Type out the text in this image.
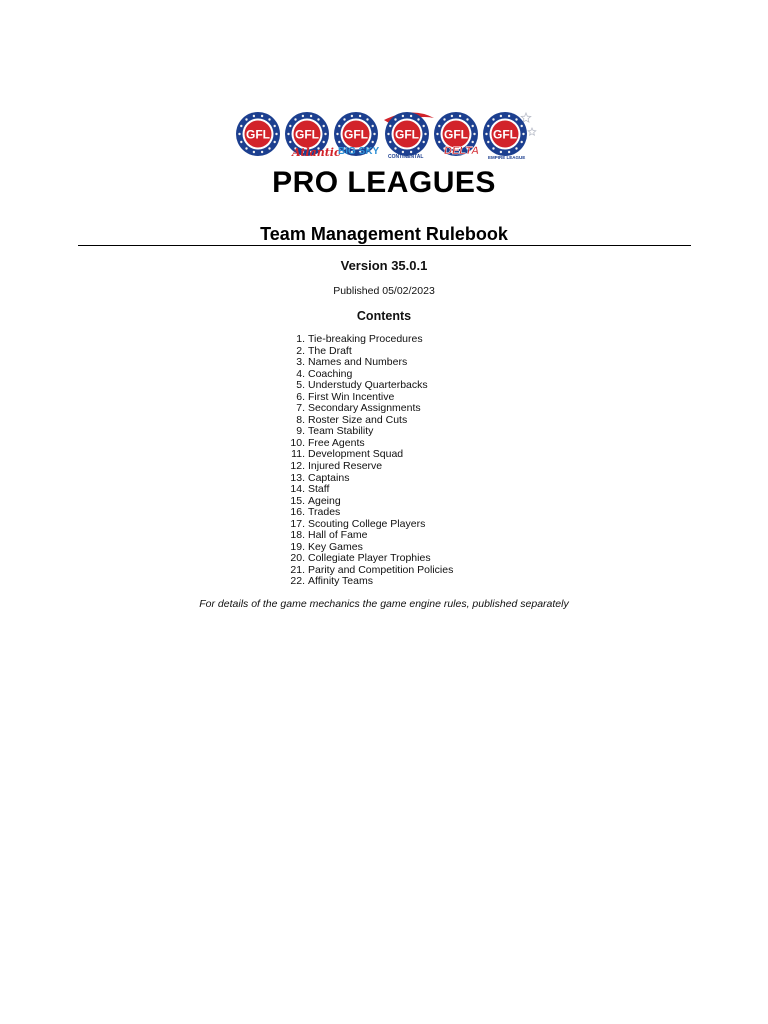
GFL GFL GFL GFL GFL GFL
Atlantic
BIG SKY CONTINENTAL DELTA
EMPIRE LEAGUE
PRO LEAGUES
Team Management Rulebook
Version 35.0.1
Published 05/02/2023
Contents
1. Tie-breaking Procedures
2. The Draft
3. Names and Numbers
4. Coaching
5. Understudy Quarterbacks
6. First Win Incentive
7. Secondary Assignments
8. Roster Size and Cuts
9. Team Stability
10. Free Agents
11. Development Squad
12. Injured Reserve
13. Captains
14. Staff
15. Ageing
16. Trades
17. Scouting College Players
18. Hall of Fame
19. Key Games
20. Collegiate Player Trophies
21. Parity and Competition Policies
22. Affinity Teams
For details of the game mechanics the game engine rules, published separately
